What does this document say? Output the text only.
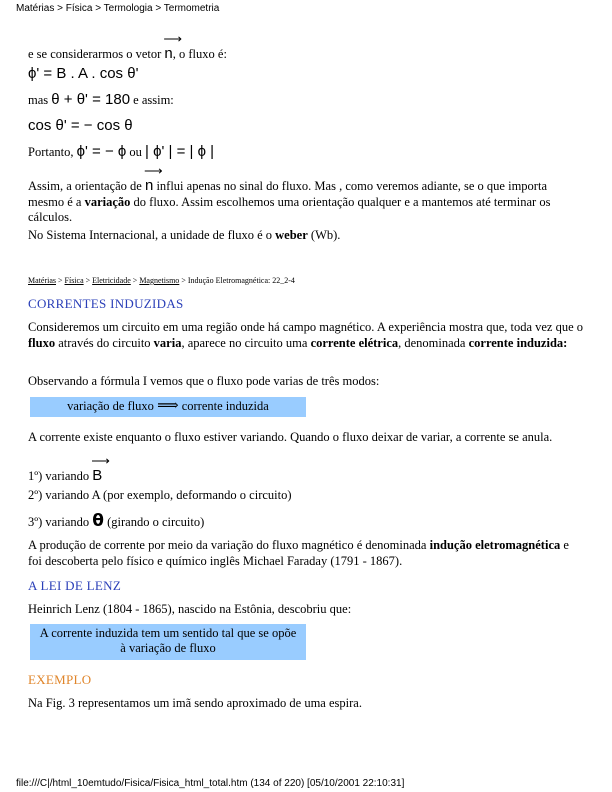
Matérias > Física > Termologia > Termometria
e se considerarmos o vetor
⟶
n, o fluxo é:
ϕ' = B . A . cos θ'
mas θ + θ' = 180 e assim:
cos θ' = − cos θ
Portanto, ϕ' = − ϕ ou | ϕ' | = | ϕ |
Assim, a orientação de
⟶
n influi apenas no sinal do fluxo. Mas , como veremos adiante, se o que importa mesmo é a variação do fluxo. Assim escolhemos uma orientação qualquer e a mantemos até terminar os cálculos.
No Sistema Internacional, a unidade de fluxo é o weber (Wb).
Matérias > Física > Eletricidade > Magnetismo > Indução Eletromagnética: 22_2-4
CORRENTES INDUZIDAS
Consideremos um circuito em uma região onde há campo magnético. A experiência mostra que, toda vez que o fluxo através do circuito varia, aparece no circuito uma corrente elétrica, denominada corrente induzida:
Observando a fórmula I vemos que o fluxo pode varias de três modos:
variação de fluxo ⟹ corrente induzida
A corrente existe enquanto o fluxo estiver variando. Quando o fluxo deixar de variar, a corrente se anula.
1º) variando
⟶
B
2º) variando A (por exemplo, deformando o circuito)
3º) variando θ (girando o circuito)
A produção de corrente por meio da variação do fluxo magnético é denominada indução eletromagnética e foi descoberta pelo físico e químico inglês Michael Faraday (1791 - 1867).
A LEI DE LENZ
Heinrich Lenz (1804 - 1865), nascido na Estônia, descobriu que:
A corrente induzida tem um sentido tal que se opõe
à variação de fluxo
EXEMPLO
Na Fig. 3 representamos um imã sendo aproximado de uma espira.
file:///C|/html_10emtudo/Fisica/Fisica_html_total.htm (134 of 220) [05/10/2001 22:10:31]
